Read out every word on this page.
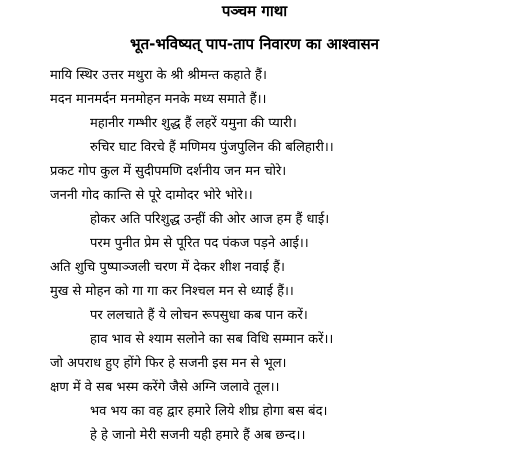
पञ्चम गाथा
भूत-भविष्यत् पाप-ताप निवारण का आश्वासन
मायि स्थिर उत्तर मथुरा के श्री श्रीमन्त कहाते हैं।
मदन मानमर्दन मनमोहन मनके मध्य समाते हैं।।
महानीर गम्भीर शुद्ध हैं लहरें यमुना की प्यारी।
रुचिर घाट विरचे हैं मणिमय पुंजपुलिन की बलिहारी।।
प्रकट गोप कुल में सुदीपमणि दर्शनीय जन मन चोरे।
जननी गोद कान्ति से पूरे दामोदर भोरे भोरे।।
होकर अति परिशुद्ध उन्हीं की ओर आज हम हैं धाई।
परम पुनीत प्रेम से पूरित पद पंकज पड़ने आई।।
अति शुचि पुष्पाञ्जली चरण में देकर शीश नवाई हैं।
मुख से मोहन को गा गा कर निश्चल मन से ध्याई हैं।।
पर ललचाते हैं ये लोचन रूपसुधा कब पान करें।
हाव भाव से श्याम सलोने का सब विधि सम्मान करें।।
जो अपराध हुए होंगे फिर हे सजनी इस मन से भूल।
क्षण में वे सब भस्म करेंगे जैसे अग्नि जलावे तूल।।
भव भय का वह द्वार हमारे लिये शीघ्र होगा बस बंद।
हे हे जानो मेरी सजनी यही हमारे हैं अब छन्द।।
